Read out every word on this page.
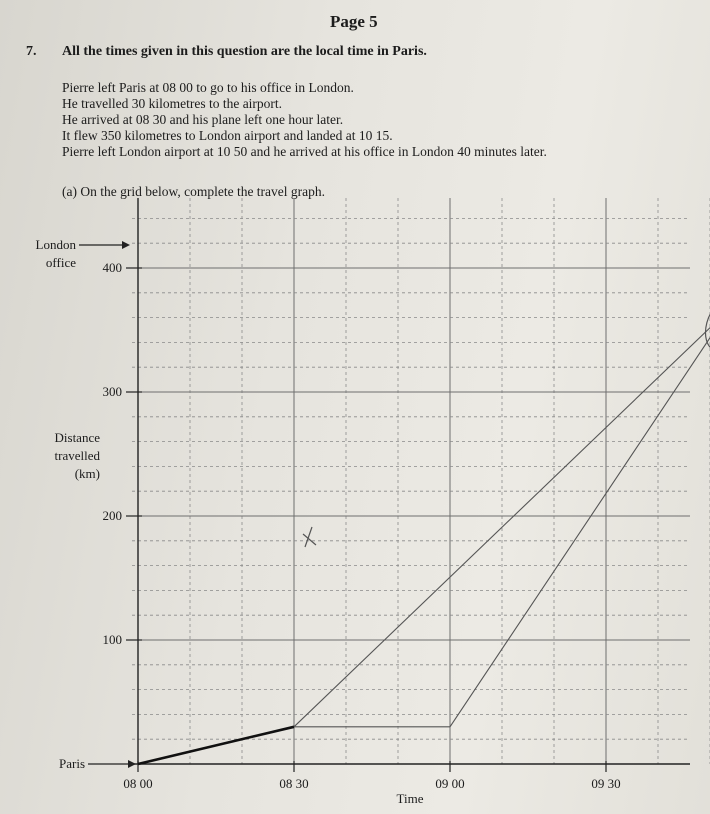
Page 5
7. All the times given in this question are the local time in Paris.
Pierre left Paris at 08 00 to go to his office in London.
He travelled 30 kilometres to the airport.
He arrived at 08 30 and his plane left one hour later.
It flew 350 kilometres to London airport and landed at 10 15.
Pierre left London airport at 10 50 and he arrived at his office in London 40 minutes later.
(a) On the grid below, complete the travel graph.
100
200
300
400
08 00	08 30	09 00	09 30
London
office
Paris
Distance
travelled
(km)
Time
